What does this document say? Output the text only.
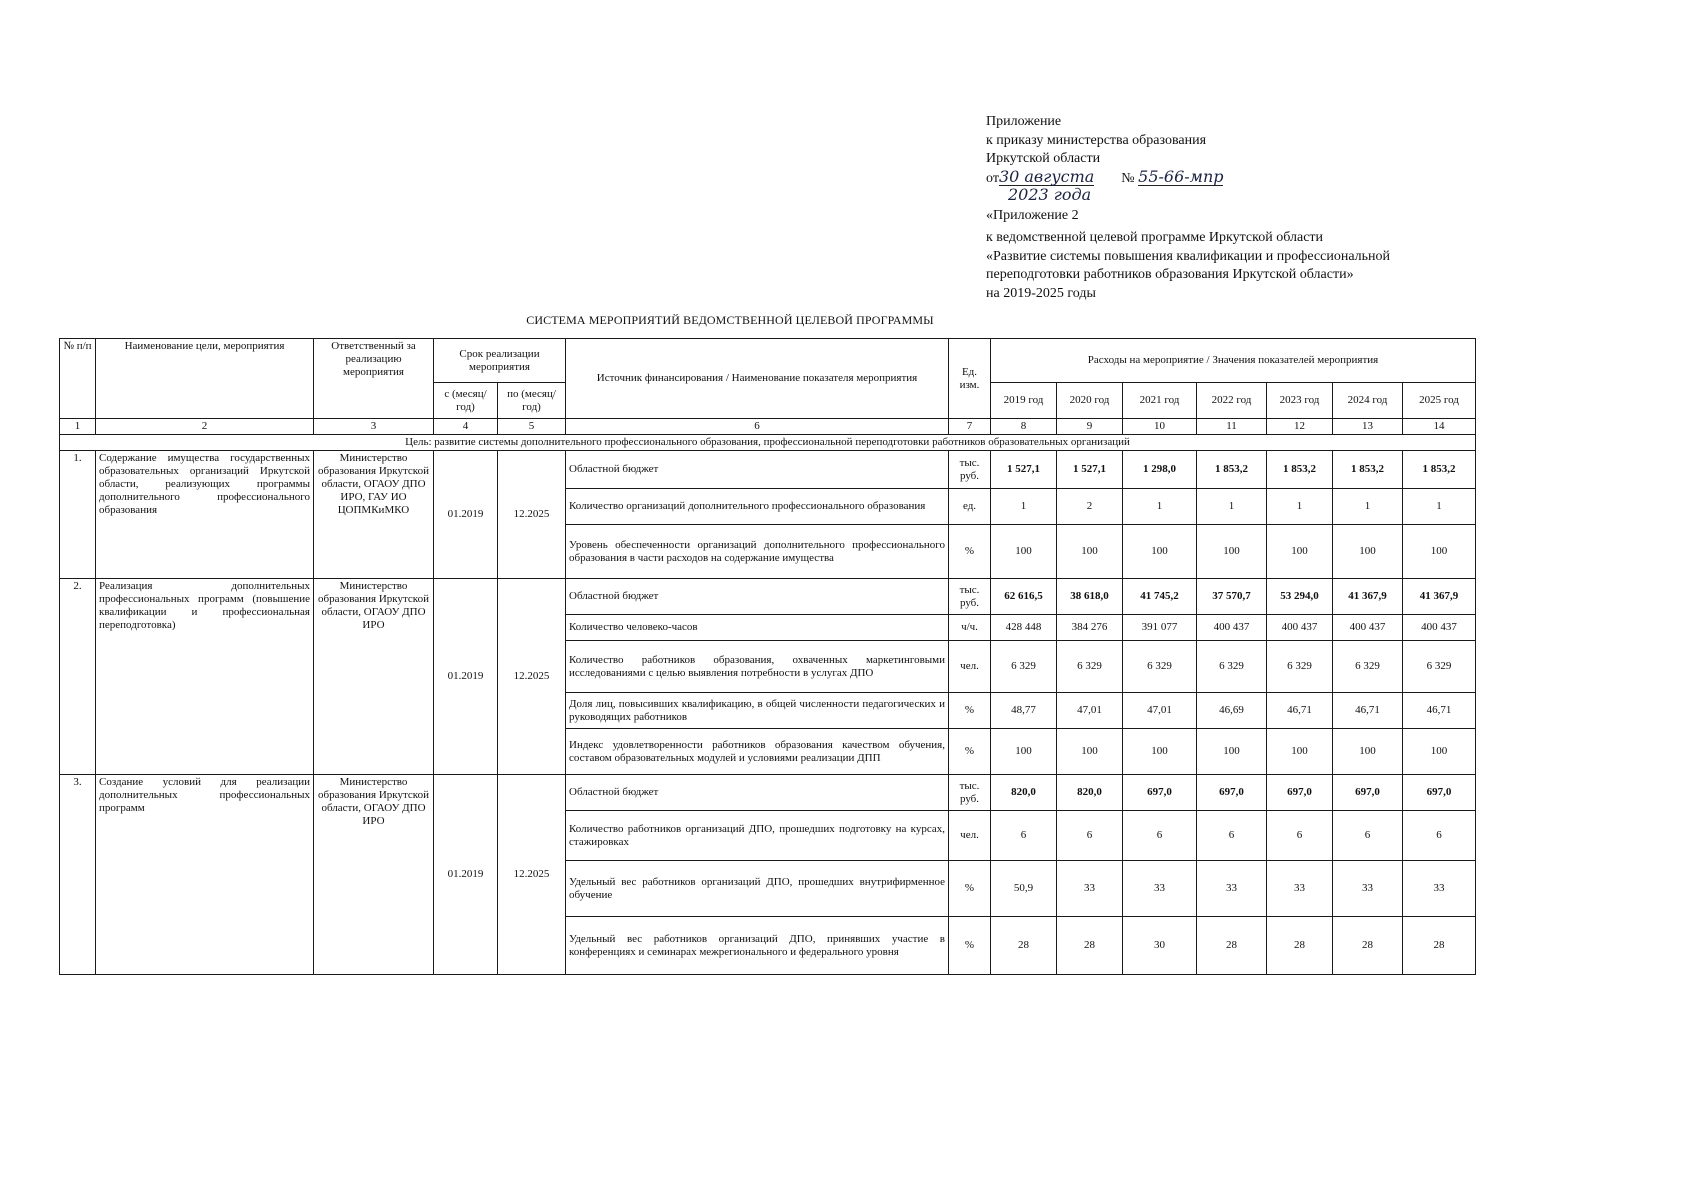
Приложение
к приказу министерства образования
Иркутской области
от30 августа № 55-66-мпр
2023 года
«Приложение 2
к ведомственной целевой программе Иркутской области
«Развитие системы повышения квалификации и профессиональной
переподготовки работников образования Иркутской области»
на 2019-2025 годы
СИСТЕМА МЕРОПРИЯТИЙ ВЕДОМСТВЕННОЙ ЦЕЛЕВОЙ ПРОГРАММЫ
№ п/п	Наименование цели, мероприятия	Ответственный за реализацию мероприятия	Срок реализации мероприятия		Источник финансирования / Наименование показателя мероприятия	Ед. изм.	Расходы на мероприятие / Значения показателей мероприятия						
			с (месяц/ год)	по (месяц/ год)			2019 год	2020 год	2021 год	2022 год	2023 год	2024 год	2025 год
1	2	3	4	5	6	7	8	9	10	11	12	13	14
Цель: развитие системы дополнительного профессионального образования, профессиональной переподготовки работников образовательных организаций													
1.	Содержание имущества государственных образовательных организаций Иркутской области, реализующих программы дополнительного профессионального образования	Министерство образования Иркутской области, ОГАОУ ДПО ИРО, ГАУ ИО ЦОПМКиМКО	01.2019	12.2025	Областной бюджет	тыс. руб.	1 527,1	1 527,1	1 298,0	1 853,2	1 853,2	1 853,2	1 853,2
					Количество организаций дополнительного профессионального образования	ед.	1	2	1	1	1	1	1
					Уровень обеспеченности организаций дополнительного профессионального образования в части расходов на содержание имущества	%	100	100	100	100	100	100	100
2.	Реализация дополнительных профессиональных программ (повышение квалификации и профессиональная переподготовка)	Министерство образования Иркутской области, ОГАОУ ДПО ИРО	01.2019	12.2025	Областной бюджет	тыс. руб.	62 616,5	38 618,0	41 745,2	37 570,7	53 294,0	41 367,9	41 367,9
					Количество человеко-часов	ч/ч.	428 448	384 276	391 077	400 437	400 437	400 437	400 437
					Количество работников образования, охваченных маркетинговыми исследованиями с целью выявления потребности в услугах ДПО	чел.	6 329	6 329	6 329	6 329	6 329	6 329	6 329
					Доля лиц, повысивших квалификацию, в общей численности педагогических и руководящих работников	%	48,77	47,01	47,01	46,69	46,71	46,71	46,71
					Индекс удовлетворенности работников образования качеством обучения, составом образовательных модулей и условиями реализации ДПП	%	100	100	100	100	100	100	100
3.	Создание условий для реализации дополнительных профессиональных программ	Министерство образования Иркутской области, ОГАОУ ДПО ИРО	01.2019	12.2025	Областной бюджет	тыс. руб.	820,0	820,0	697,0	697,0	697,0	697,0	697,0
					Количество работников организаций ДПО, прошедших подготовку на курсах, стажировках	чел.	6	6	6	6	6	6	6
					Удельный вес работников организаций ДПО, прошедших внутрифирменное обучение	%	50,9	33	33	33	33	33	33
					Удельный вес работников организаций ДПО, принявших участие в конференциях и семинарах межрегионального и федерального уровня	%	28	28	30	28	28	28	28
